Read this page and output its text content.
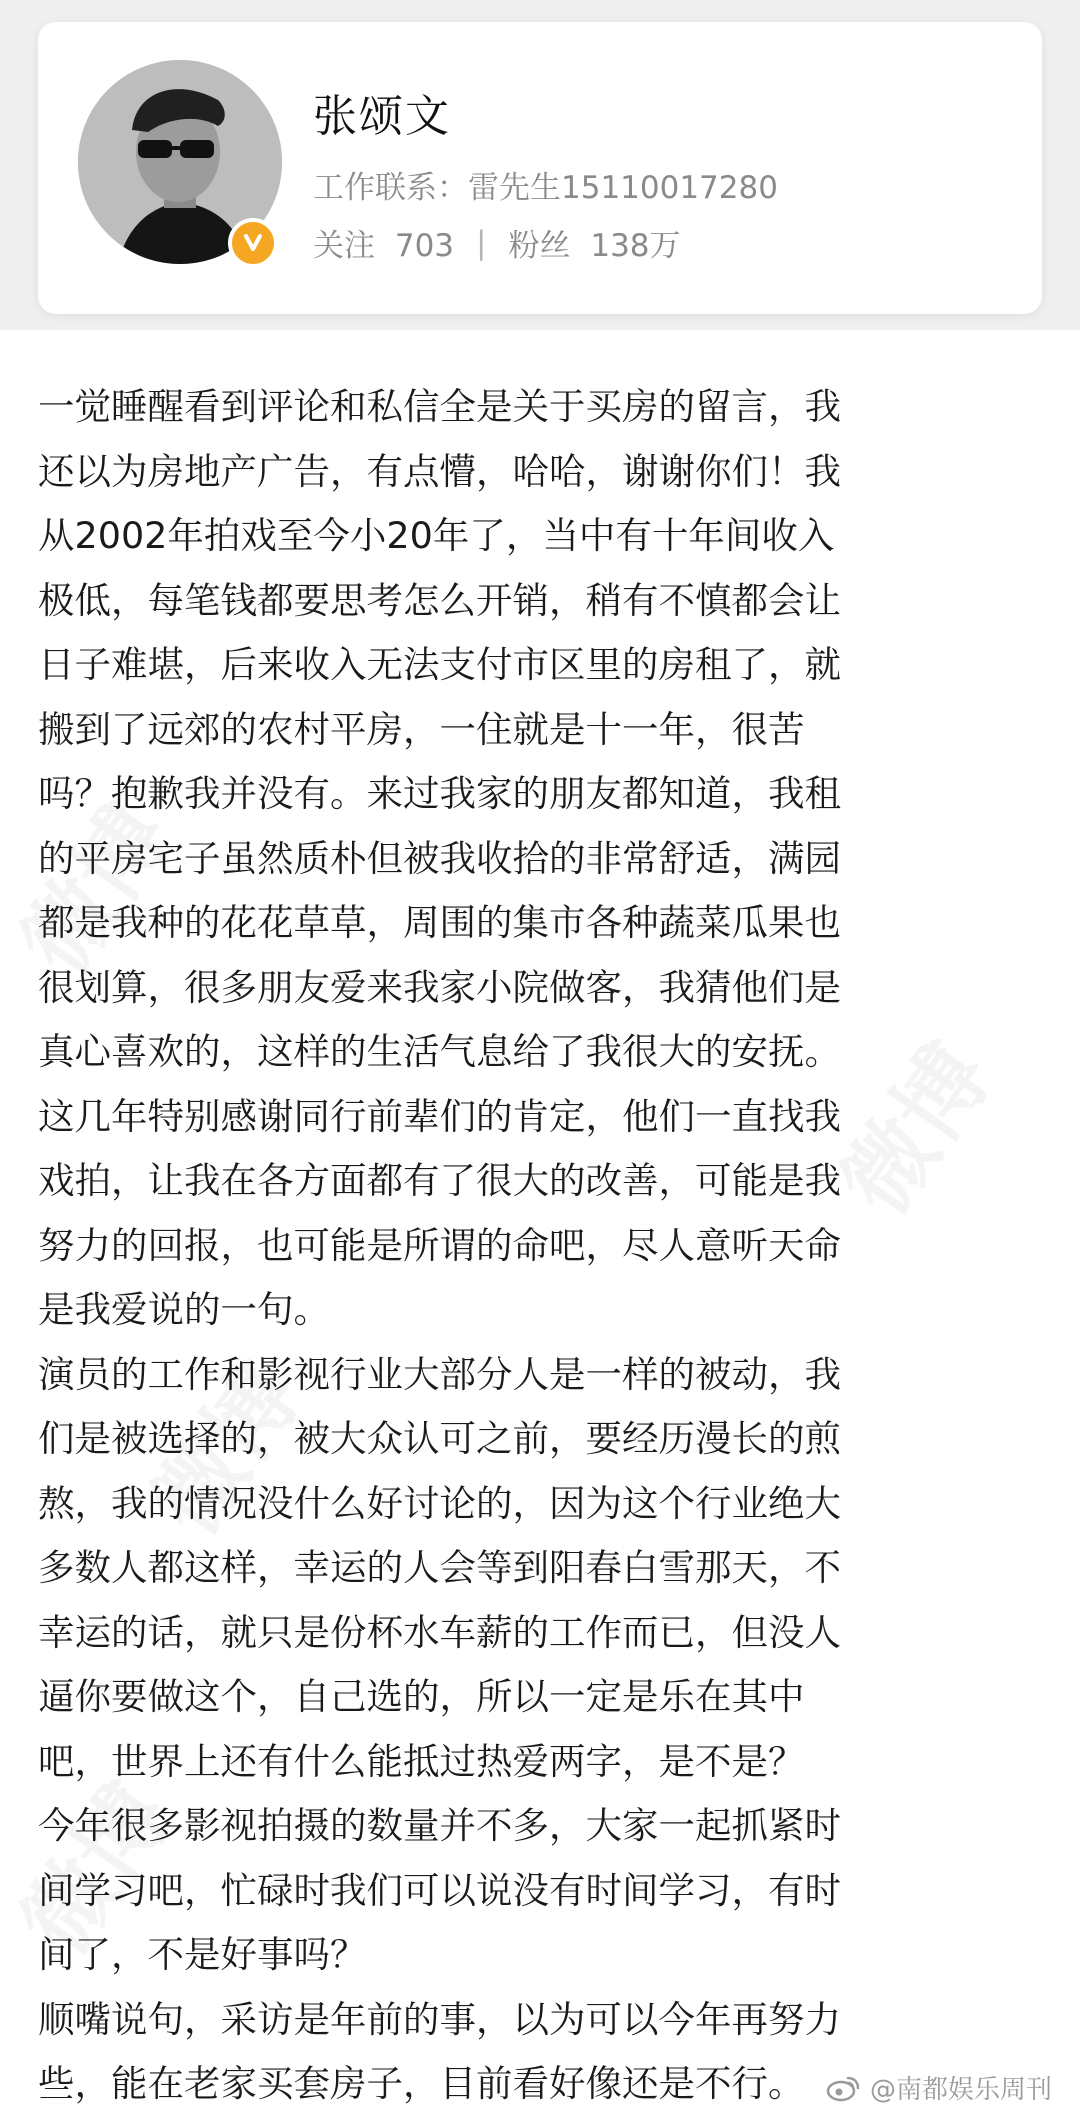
张颂文
工作联系：雷先生15110017280
关注 703 | 粉丝 138万

一觉睡醒看到评论和私信全是关于买房的留言，我

还以为房地产广告，有点懵，哈哈，谢谢你们！我

从2002年拍戏至今小20年了，当中有十年间收入

极低，每笔钱都要思考怎么开销，稍有不慎都会让

日子难堪，后来收入无法支付市区里的房租了，就

搬到了远郊的农村平房，一住就是十一年，很苦

吗？抱歉我并没有。来过我家的朋友都知道，我租

的平房宅子虽然质朴但被我收拾的非常舒适，满园

都是我种的花花草草，周围的集市各种蔬菜瓜果也

很划算，很多朋友爱来我家小院做客，我猜他们是

真心喜欢的，这样的生活气息给了我很大的安抚。

这几年特别感谢同行前辈们的肯定，他们一直找我

戏拍，让我在各方面都有了很大的改善，可能是我

努力的回报，也可能是所谓的命吧，尽人意听天命

是我爱说的一句。

演员的工作和影视行业大部分人是一样的被动，我

们是被选择的，被大众认可之前，要经历漫长的煎

熬，我的情况没什么好讨论的，因为这个行业绝大

多数人都这样，幸运的人会等到阳春白雪那天，不

幸运的话，就只是份杯水车薪的工作而已，但没人

逼你要做这个，自己选的，所以一定是乐在其中

吧，世界上还有什么能抵过热爱两字，是不是？

今年很多影视拍摄的数量并不多，大家一起抓紧时

间学习吧，忙碌时我们可以说没有时间学习，有时

间了，不是好事吗？

顺嘴说句，采访是年前的事，以为可以今年再努力

些，能在老家买套房子，目前看好像还是不行。	@南都娱乐周刊
